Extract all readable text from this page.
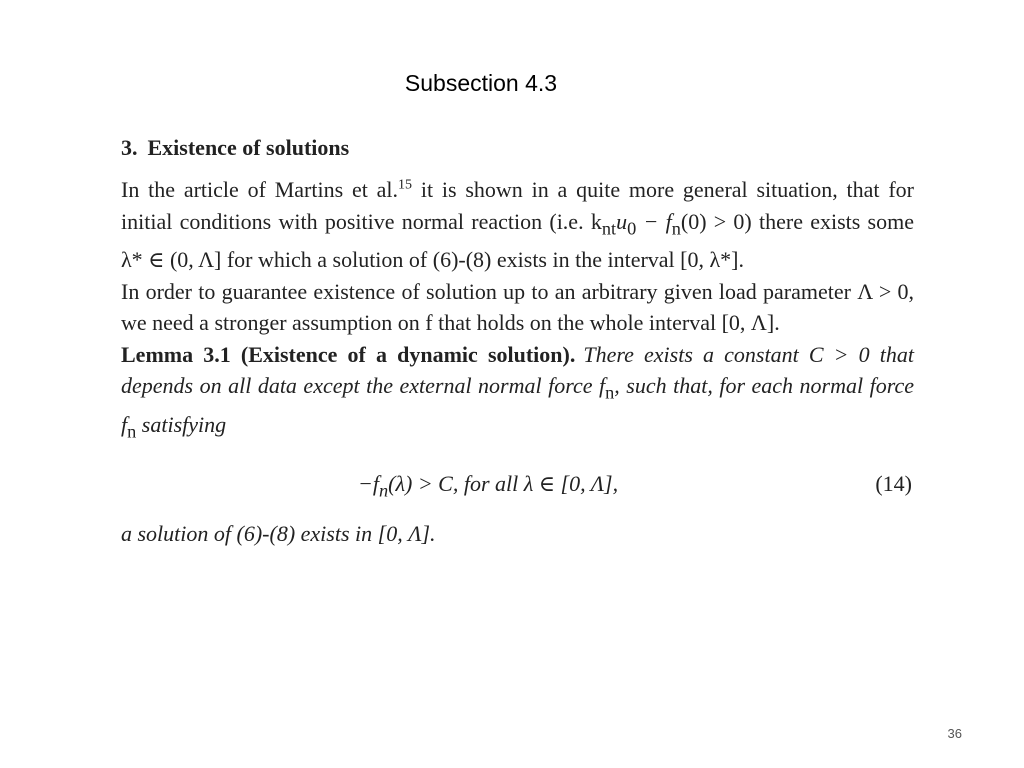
Subsection 4.3
3. Existence of solutions

In the article of Martins et al.$^{15}$ it is shown in a quite more general situation, that for initial conditions with positive normal reaction (i.e. $k_{nt}u_0 - f_n(0) > 0$) there exists some λ* ∈ (0, Λ] for which a solution of (6)-(8) exists in the interval [0, λ*].

In order to guarantee existence of solution up to an arbitrary given load parameter Λ > 0, we need a stronger assumption on f that holds on the whole interval [0, Λ].

Lemma 3.1 (Existence of a dynamic solution). There exists a constant C > 0 that depends on all data except the external normal force $f_n$, such that, for each normal force $f_n$ satisfying

$-f_n(\lambda) > C$, for all λ ∈ [0, Λ],	(14)

a solution of (6)-(8) exists in [0, Λ].

36
